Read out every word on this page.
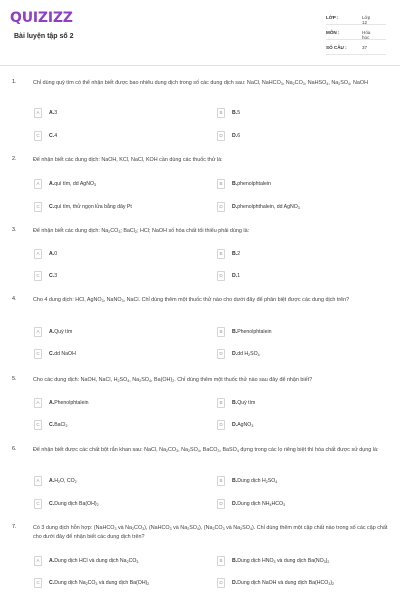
QUIZIZZ
Bài luyện tập số 2
LỚP :	Lớp 12
MÔN :	Hóa học
SỐ CÂU :	37
1.	Chỉ dùng quỳ tím có thể nhận biết được bao nhiêu dung dịch trong số các dung dịch sau: NaCl, NaHCO$_3$, $Na_2CO_3$, NaHSO$_4$, $Na_2SO_4$, NaOH
A	A.3	B	B.5
C	C.4	D	D.6
2.	Để nhận biết các dung dịch: NaOH, KCl, NaCl, KOH cần dùng các thuốc thử là:
A	A.quì tím, dd AgNO$_3$	B	B.phenolphtalein
C	C.quì tím, thử ngọn lửa bằng dây Pt	D	D.phenolphthalein, dd AgNO$_3$
3.	Để nhận biết các dung dịch: $Na_2CO_3$; BaCl$_2$; HCl; NaOH số hóa chất tối thiểu phải dùng là:
A	A.0	B	B.2
C	C.3	D	D.1
4.	Cho 4 dung dịch: HCl, AgNO$_3$, NaNO$_3$, NaCl. Chỉ dùng thêm một thuốc thử nào cho dưới đây để phân biệt được các dung dịch trên?
A	A.Quỳ tím	B	B.Phenolphtalein
C	C.dd NaOH	D	D.dd $H_2SO_4$
5.	Cho các dung dịch: NaOH, NaCl, $H_2SO_4$, $Na_2SO_4$, $Ba(OH)_2$. Chỉ dùng thêm một thuốc thử nào sau đây để nhận biết?
A	A.Phenolphtalein	B	B.Quỳ tím
C	C.BaCl$_2$	D	D.AgNO$_3$
6.	Để nhận biết được các chất bột rắn khan sau: NaCl, $Na_2CO_3$, $Na_2SO_4$, BaCO$_3$, BaSO$_4$ đựng trong các lọ riêng biệt thì hóa chất được sử dụng là:
A	$A.H_2O$, $CO_2$	B	B.Dung dịch $H_2SO_4$
C	C.Dung dịch $Ba(OH)_2$	D	D.Dung dịch $NH_4HCO_3$
7.	Có 3 dung dịch hỗn hợp: (NaHCO$_3$ và $Na_2CO_3$), (NaHCO$_3$ và $Na_2SO_4$), ($Na_2CO_3$ và $Na_2SO_4$). Chỉ dùng thêm một cặp chất nào trong số các cặp chất cho dưới đây để nhận biết các dung dịch trên?
A	A.Dung dịch HCl và dung dịch $Na_2CO_3$	B	B.Dung dịch $HNO_3$ và dung dịch $Ba(NO_3)_2$
C	C.Dung dịch $Na_2CO_3$ và dung dịch $Ba(OH)_2$	D	D.Dung dịch NaOH và dung dịch $Ba(HCO_3)_2$
